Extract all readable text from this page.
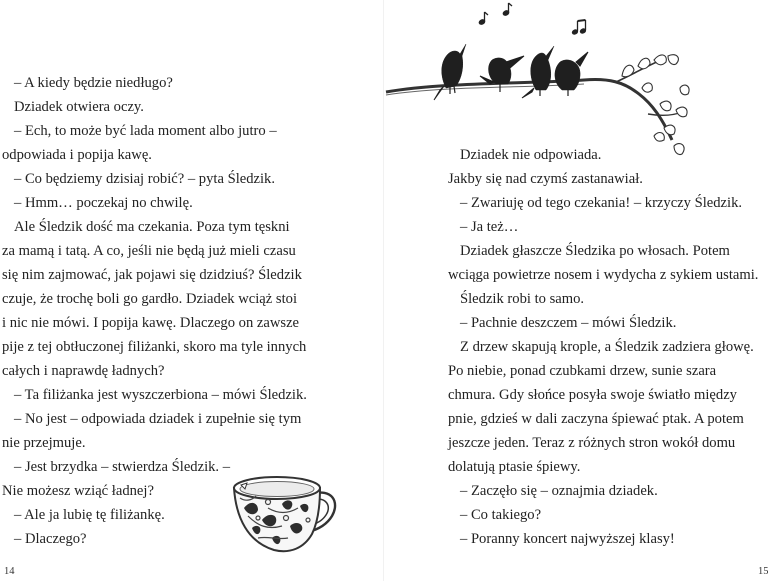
– A kiedy będzie niedługo?
Dziadek otwiera oczy.
– Ech, to może być lada moment albo jutro –
odpowiada i popija kawę.
– Co będziemy dzisiaj robić? – pyta Śledzik.
– Hmm… poczekaj no chwilę.
Ale Śledzik dość ma czekania. Poza tym tęskni
za mamą i tatą. A co, jeśli nie będą już mieli czasu
się nim zajmować, jak pojawi się dzidziuś? Śledzik
czuje, że trochę boli go gardło. Dziadek wciąż stoi
i nic nie mówi. I popija kawę. Dlaczego on zawsze
pije z tej obtłuczonej filiżanki, skoro ma tyle innych
całych i naprawdę ładnych?
– Ta filiżanka jest wyszczerbiona – mówi Śledzik.
– No jest – odpowiada dziadek i zupełnie się tym
nie przejmuje.
– Jest brzydka – stwierdza Śledzik. –
Nie możesz wziąć ładnej?
– Ale ja lubię tę filiżankę.
– Dlaczego?
14
Dziadek nie odpowiada.
Jakby się nad czymś zastanawiał.
– Zwariuję od tego czekania! – krzyczy Śledzik.
– Ja też…
Dziadek głaszcze Śledzika po włosach. Potem
wciąga powietrze nosem i wydycha z sykiem ustami.
Śledzik robi to samo.
– Pachnie deszczem – mówi Śledzik.
Z drzew skapują krople, a Śledzik zadziera głowę.
Po niebie, ponad czubkami drzew, sunie szara
chmura. Gdy słońce posyła swoje światło między
pnie, gdzieś w dali zaczyna śpiewać ptak. A potem
jeszcze jeden. Teraz z różnych stron wokół domu
dolatują ptasie śpiewy.
– Zaczęło się – oznajmia dziadek.
– Co takiego?
– Poranny koncert najwyższej klasy!
15
